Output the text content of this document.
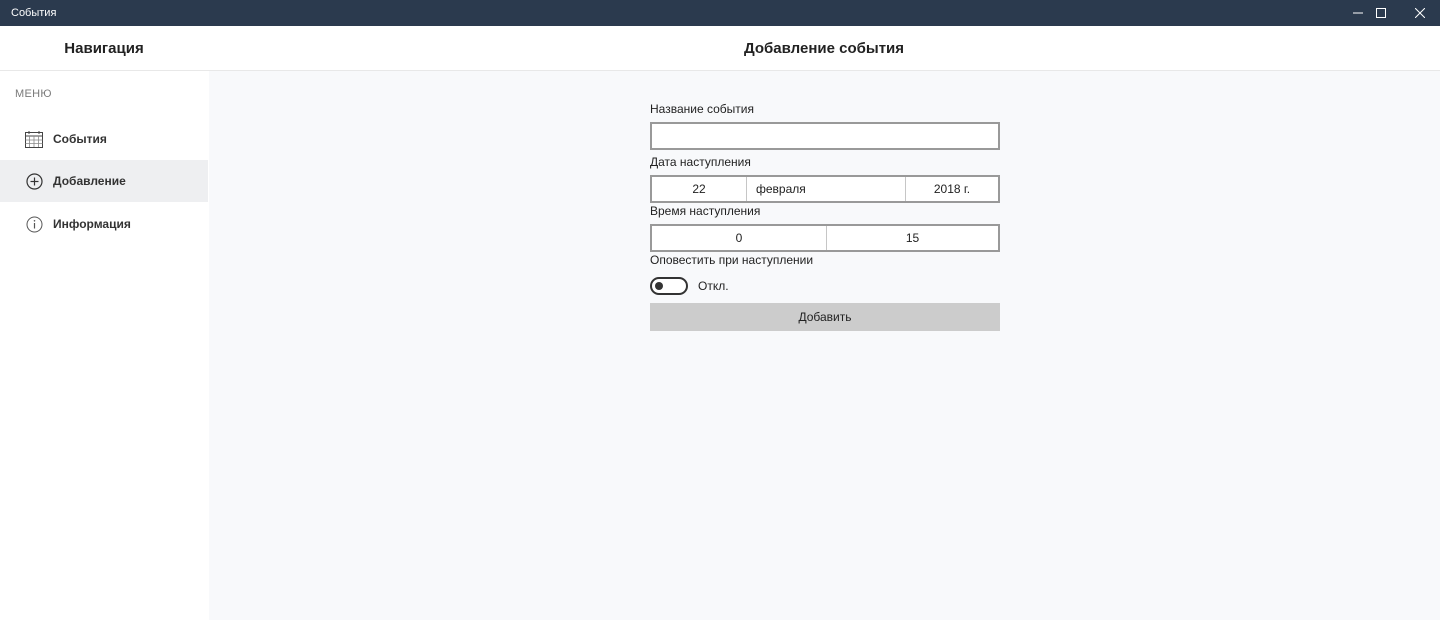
События
Навигация	Добавление события
МЕНЮ
События
Добавление
Информация
Название события
Дата наступления
22	февраля	2018 г.
Время наступления
0	15
Оповестить при наступлении
Откл.
Добавить
